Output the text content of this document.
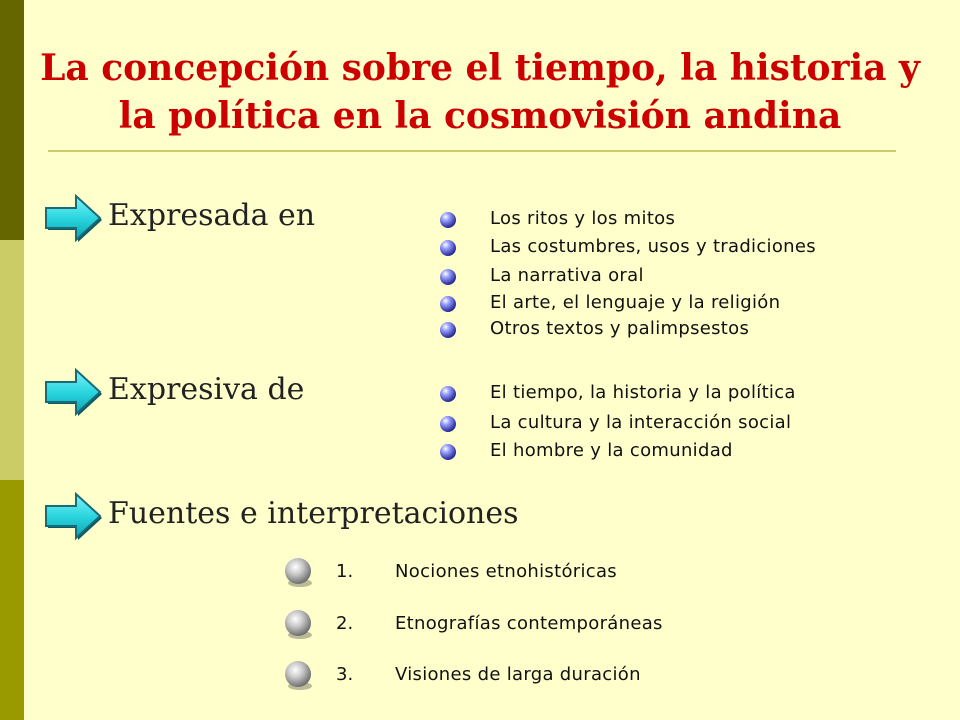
La concepción sobre el tiempo, la historia y la política en la cosmovisión andina
Expresada en	Los ritos y los mitos
Las costumbres, usos y tradiciones
La narrativa oral
El arte, el lenguaje y la religión
Otros textos y palimpsestos
Expresiva de	El tiempo, la historia y la política
La cultura y la interacción social
El hombre y la comunidad
Fuentes e interpretaciones
1. Nociones etnohistóricas
2. Etnografías contemporáneas
3. Visiones de larga duración
